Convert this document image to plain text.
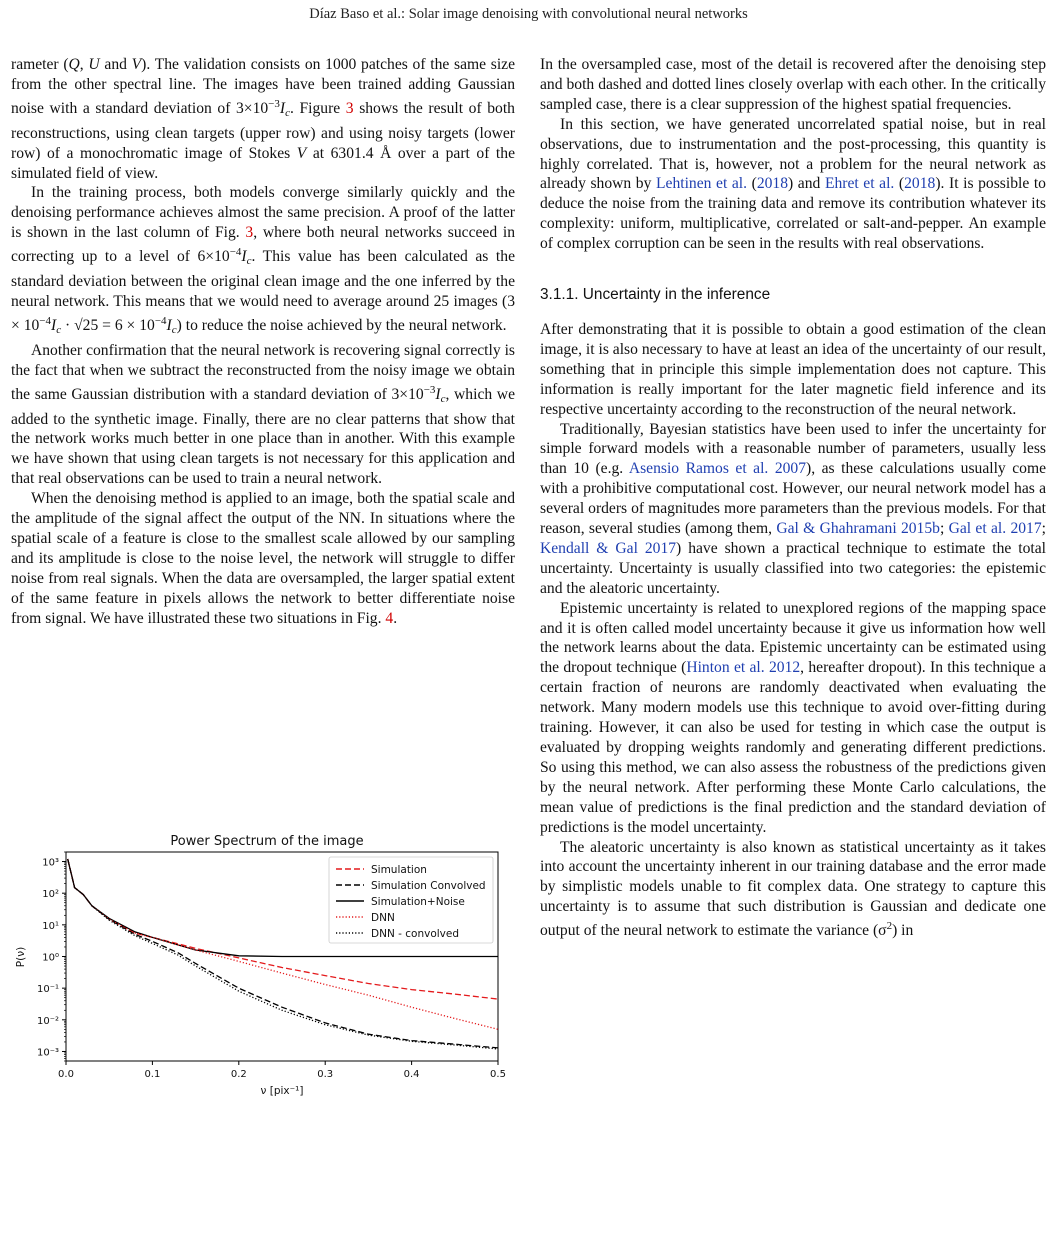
Díaz Baso et al.: Solar image denoising with convolutional neural networks

rameter (Q, U and V). The validation consists on 1000 patches of the same size from the other spectral line. The images have been trained adding Gaussian noise with a standard deviation of $3\times 10^{-3}I_c$. Figure 3 shows the result of both reconstructions, using clean targets (upper row) and using noisy targets (lower row) of a monochromatic image of Stokes V at 6301.4 Å over a part of the simulated field of view.

In the training process, both models converge similarly quickly and the denoising performance achieves almost the same precision. A proof of the latter is shown in the last column of Fig. 3, where both neural networks succeed in correcting up to a level of $6\times 10^{-4}I_c$. This value has been calculated as the standard deviation between the original clean image and the one inferred by the neural network. This means that we would need to average around 25 images $(3 \times 10^{-4}I_c \cdot √25 = 6 \times 10^{-4}I_c)$ to reduce the noise achieved by the neural network.

Another confirmation that the neural network is recovering signal correctly is the fact that when we subtract the reconstructed from the noisy image we obtain the same Gaussian distribution with a standard deviation of $3\times 10^{-3}I_c$, which we added to the synthetic image. Finally, there are no clear patterns that show that the network works much better in one place than in another. With this example we have shown that using clean targets is not necessary for this application and that real observations can be used to train a neural network.

When the denoising method is applied to an image, both the spatial scale and the amplitude of the signal affect the output of the NN. In situations where the spatial scale of a feature is close to the smallest scale allowed by our sampling and its amplitude is close to the noise level, the network will struggle to differ noise from real signals. When the data are oversampled, the larger spatial extent of the same feature in pixels allows the network to better differentiate noise from signal. We have illustrated these two situations in Fig. 4.

Power Spectrum of the image
10³
10²
10¹
10⁰
10⁻¹
10⁻²
10⁻³
0.0	0.1	0.2	0.3	0.4	0.5
ν [pix⁻¹]
P(ν)
Simulation
Simulation Convolved
Simulation+Noise
DNN
DNN - convolved

In the oversampled case, most of the detail is recovered after the denoising step and both dashed and dotted lines closely overlap with each other. In the critically sampled case, there is a clear suppression of the highest spatial frequencies.

In this section, we have generated uncorrelated spatial noise, but in real observations, due to instrumentation and the post-processing, this quantity is highly correlated. That is, however, not a problem for the neural network as already shown by Lehtinen et al. (2018) and Ehret et al. (2018). It is possible to deduce the noise from the training data and remove its contribution whatever its complexity: uniform, multiplicative, correlated or salt-and-pepper. An example of complex corruption can be seen in the results with real observations.

3.1.1. Uncertainty in the inference

After demonstrating that it is possible to obtain a good estimation of the clean image, it is also necessary to have at least an idea of the uncertainty of our result, something that in principle this simple implementation does not capture. This information is really important for the later magnetic field inference and its respective uncertainty according to the reconstruction of the neural network.

Traditionally, Bayesian statistics have been used to infer the uncertainty for simple forward models with a reasonable number of parameters, usually less than 10 (e.g. Asensio Ramos et al. 2007), as these calculations usually come with a prohibitive computational cost. However, our neural network model has a several orders of magnitudes more parameters than the previous models. For that reason, several studies (among them, Gal & Ghahramani 2015b; Gal et al. 2017; Kendall & Gal 2017) have shown a practical technique to estimate the total uncertainty. Uncertainty is usually classified into two categories: the epistemic and the aleatoric uncertainty.

Epistemic uncertainty is related to unexplored regions of the mapping space and it is often called model uncertainty because it give us information how well the network learns about the data. Epistemic uncertainty can be estimated using the dropout technique (Hinton et al. 2012, hereafter dropout). In this technique a certain fraction of neurons are randomly deactivated when evaluating the network. Many modern models use this technique to avoid over-fitting during training. However, it can also be used for testing in which case the output is evaluated by dropping weights randomly and generating different predictions. So using this method, we can also assess the robustness of the predictions given by the neural network. After performing these Monte Carlo calculations, the mean value of predictions is the final prediction and the standard deviation of predictions is the model uncertainty.

The aleatoric uncertainty is also known as statistical uncertainty as it takes into account the uncertainty inherent in our training database and the error made by simplistic models unable to fit complex data. One strategy to capture this uncertainty is to assume that such distribution is Gaussian and dedicate one output of the neural network to estimate the variance $(\sigma^2)$ in
